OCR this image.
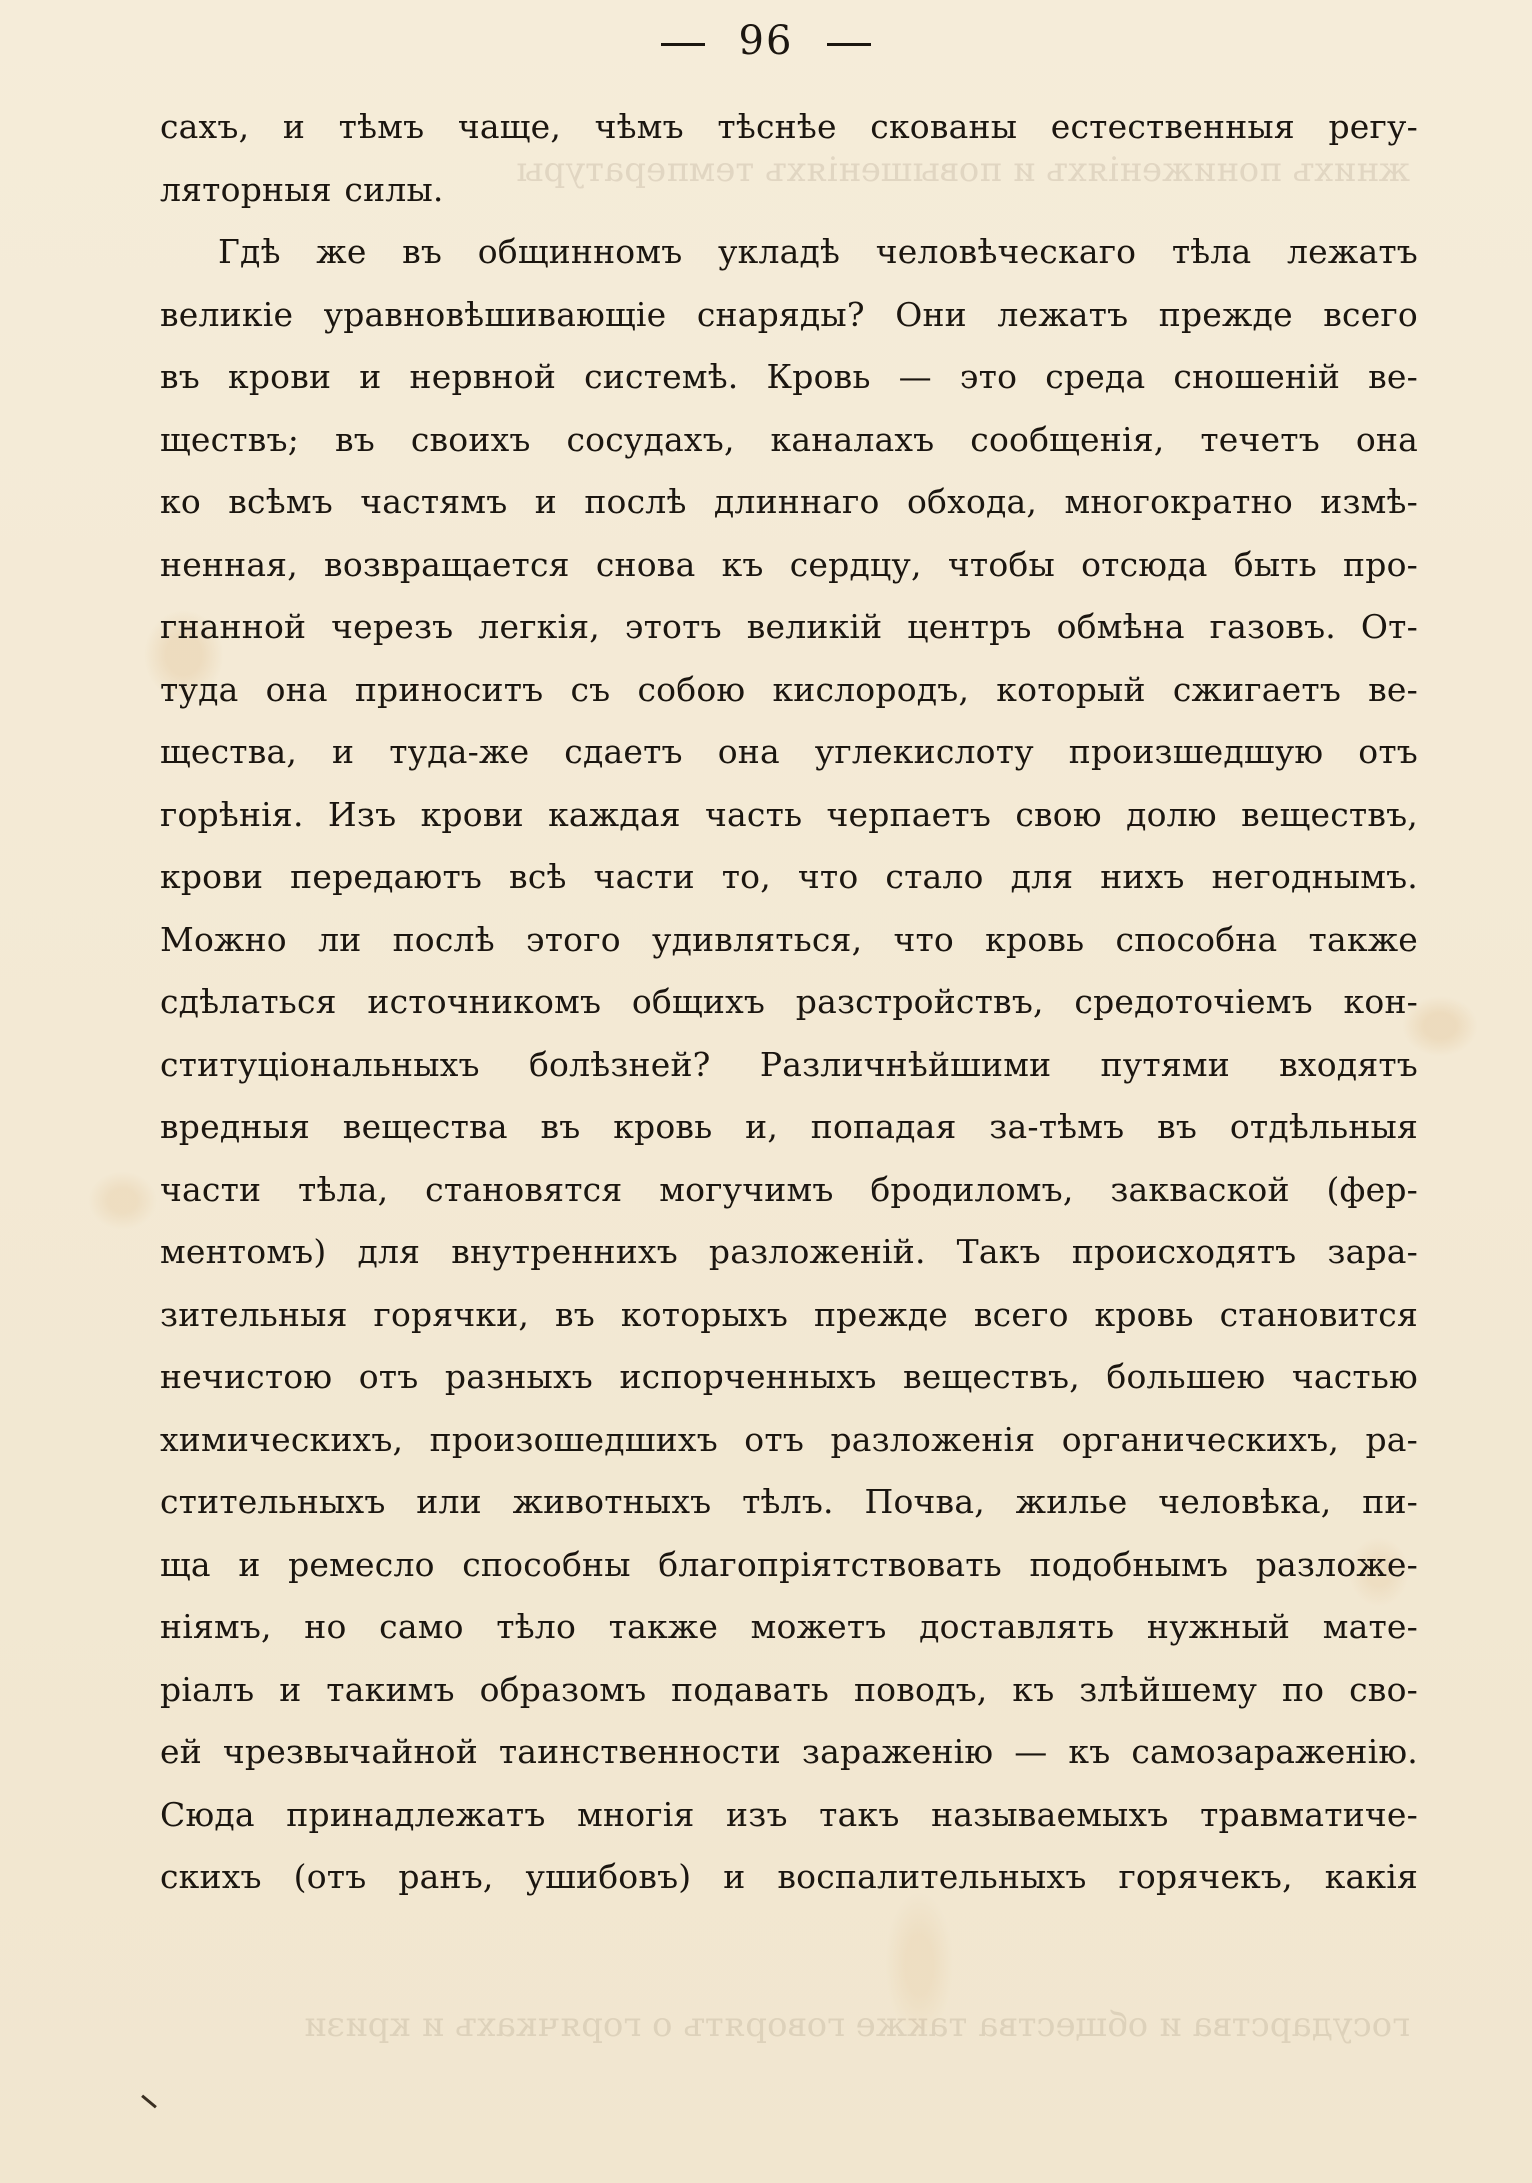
жнихъ пониженіяхъ и повышеніяхъ температуры
государства и общества также говорятъ о горячкахъ и кризи
96
сахъ, и тѣмъ чаще, чѣмъ тѣснѣе скованы естественныя регу-
ляторныя силы.
Гдѣ же въ общинномъ укладѣ человѣческаго тѣла лежатъ
великіе уравновѣшивающіе снаряды? Они лежатъ прежде всего
въ крови и нервной системѣ. Кровь — это среда сношеній ве-
ществъ; въ своихъ сосудахъ, каналахъ сообщенія, течетъ она
ко всѣмъ частямъ и послѣ длиннаго обхода, многократно измѣ-
ненная, возвращается снова къ сердцу, чтобы отсюда быть про-
гнанной черезъ легкія, этотъ великій центръ обмѣна газовъ. От-
туда она приноситъ съ собою кислородъ, который сжигаетъ ве-
щества, и туда-же сдаетъ она углекислоту произшедшую отъ
горѣнія. Изъ крови каждая часть черпаетъ свою долю веществъ,
крови передаютъ всѣ части то, что стало для нихъ негоднымъ.
Можно ли послѣ этого удивляться, что кровь способна также
сдѣлаться источникомъ общихъ разстройствъ, средоточіемъ кон-
ституціональныхъ болѣзней? Различнѣйшими путями входятъ
вредныя вещества въ кровь и, попадая за-тѣмъ въ отдѣльныя
части тѣла, становятся могучимъ бродиломъ, закваской (фер-
ментомъ) для внутреннихъ разложеній. Такъ происходятъ зара-
зительныя горячки, въ которыхъ прежде всего кровь становится
нечистою отъ разныхъ испорченныхъ веществъ, большею частью
химическихъ, произошедшихъ отъ разложенія органическихъ, ра-
стительныхъ или животныхъ тѣлъ. Почва, жилье человѣка, пи-
ща и ремесло способны благопріятствовать подобнымъ разложе-
ніямъ, но само тѣло также можетъ доставлять нужный мате-
ріалъ и такимъ образомъ подавать поводъ, къ злѣйшему по сво-
ей чрезвычайной таинственности зараженію — къ самозараженію.
Сюда принадлежатъ многія изъ такъ называемыхъ травматиче-
скихъ (отъ ранъ, ушибовъ) и воспалительныхъ горячекъ, какія
